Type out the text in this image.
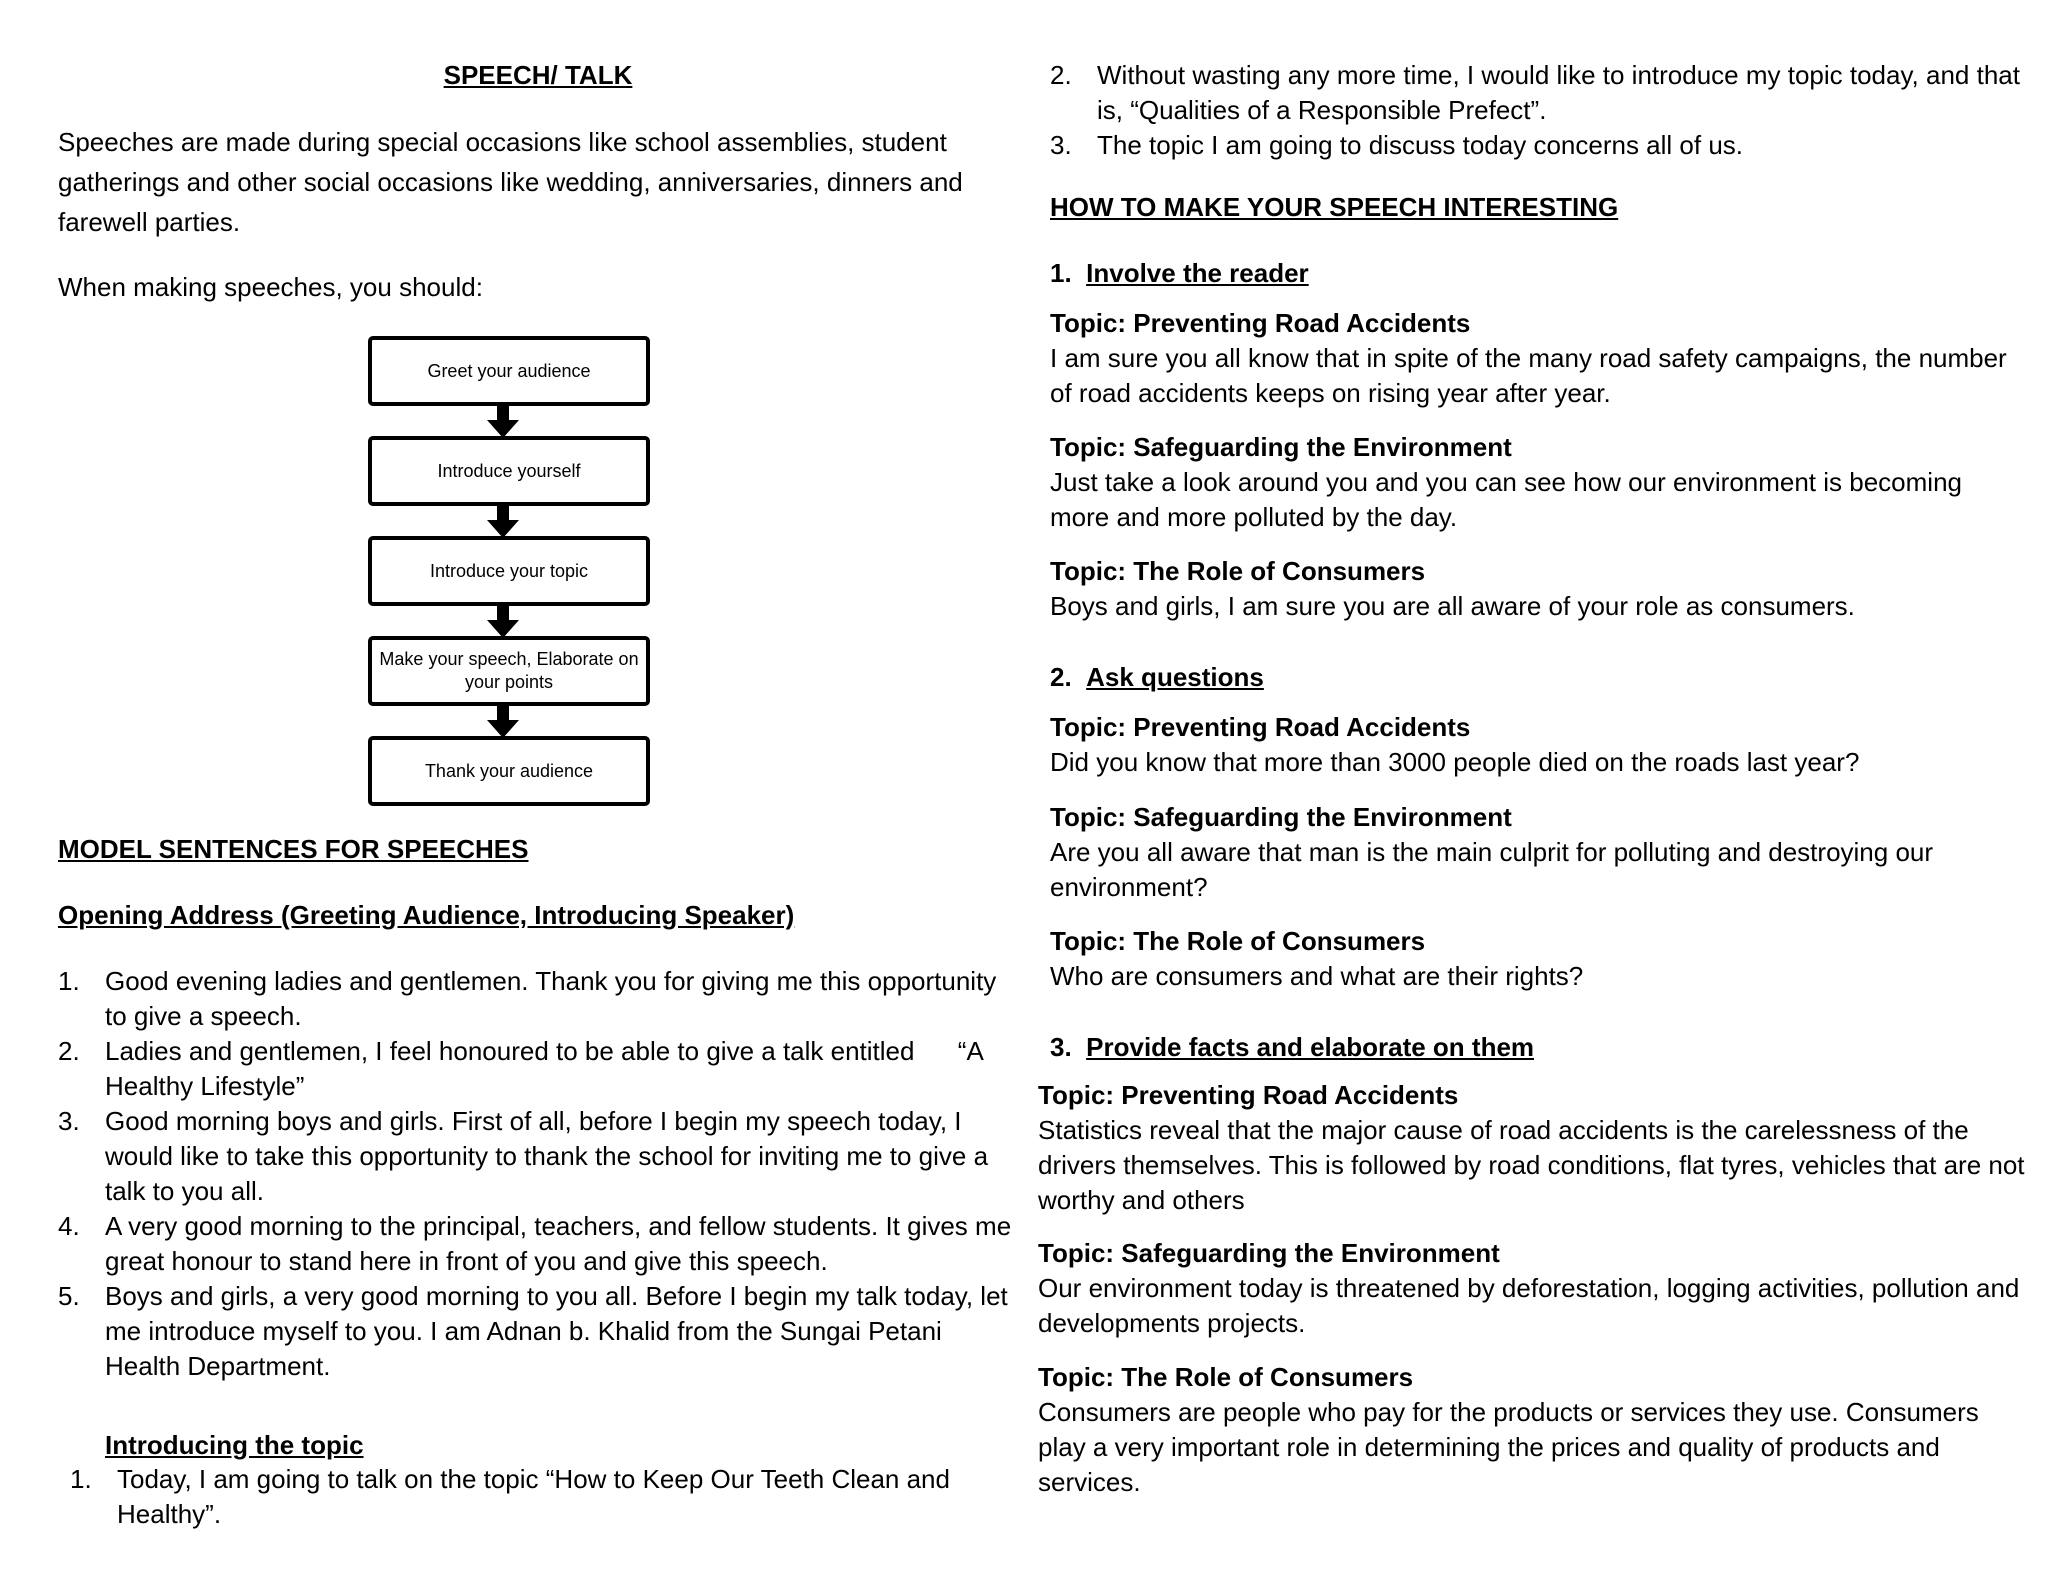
SPEECH/ TALK

Speeches are made during special occasions like school assemblies, student gatherings and other social occasions like wedding, anniversaries, dinners and farewell parties.

When making speeches, you should:

Greet your audience
Introduce yourself
Introduce your topic
Make your speech, Elaborate on your points
Thank your audience
MODEL SENTENCES FOR SPEECHES
Opening Address (Greeting Audience, Introducing Speaker)
1. Good evening ladies and gentlemen. Thank you for giving me this opportunity to give a speech.
2. Ladies and gentlemen, I feel honoured to be able to give a talk entitled      “A Healthy Lifestyle”
3. Good morning boys and girls. First of all, before I begin my speech today, I would like to take this opportunity to thank the school for inviting me to give a talk to you all.
4. A very good morning to the principal, teachers, and fellow students. It gives me great honour to stand here in front of you and give this speech.
5. Boys and girls, a very good morning to you all. Before I begin my talk today, let me introduce myself to you. I am Adnan b. Khalid from the Sungai Petani Health Department.
Introducing the topic
1. Today, I am going to talk on the topic “How to Keep Our Teeth Clean and Healthy”.
2. Without wasting any more time, I would like to introduce my topic today, and that is, “Qualities of a Responsible Prefect”.
3. The topic I am going to discuss today concerns all of us.
HOW TO MAKE YOUR SPEECH INTERESTING
1. Involve the reader
Topic: Preventing Road Accidents

I am sure you all know that in spite of the many road safety campaigns, the number of road accidents keeps on rising year after year.

Topic: Safeguarding the Environment

Just take a look around you and you can see how our environment is becoming more and more polluted by the day.

Topic: The Role of Consumers

Boys and girls, I am sure you are all aware of your role as consumers.

2. Ask questions
Topic: Preventing Road Accidents

Did you know that more than 3000 people died on the roads last year?

Topic: Safeguarding the Environment

Are you all aware that man is the main culprit for polluting and destroying our environment?

Topic: The Role of Consumers

Who are consumers and what are their rights?

3. Provide facts and elaborate on them
Topic: Preventing Road Accidents

Statistics reveal that the major cause of road accidents is the carelessness of the drivers themselves. This is followed by road conditions, flat tyres, vehicles that are not worthy and others

Topic: Safeguarding the Environment

Our environment today is threatened by deforestation, logging activities, pollution and developments projects.

Topic: The Role of Consumers

Consumers are people who pay for the products or services they use. Consumers play a very important role in determining the prices and quality of products and services.
